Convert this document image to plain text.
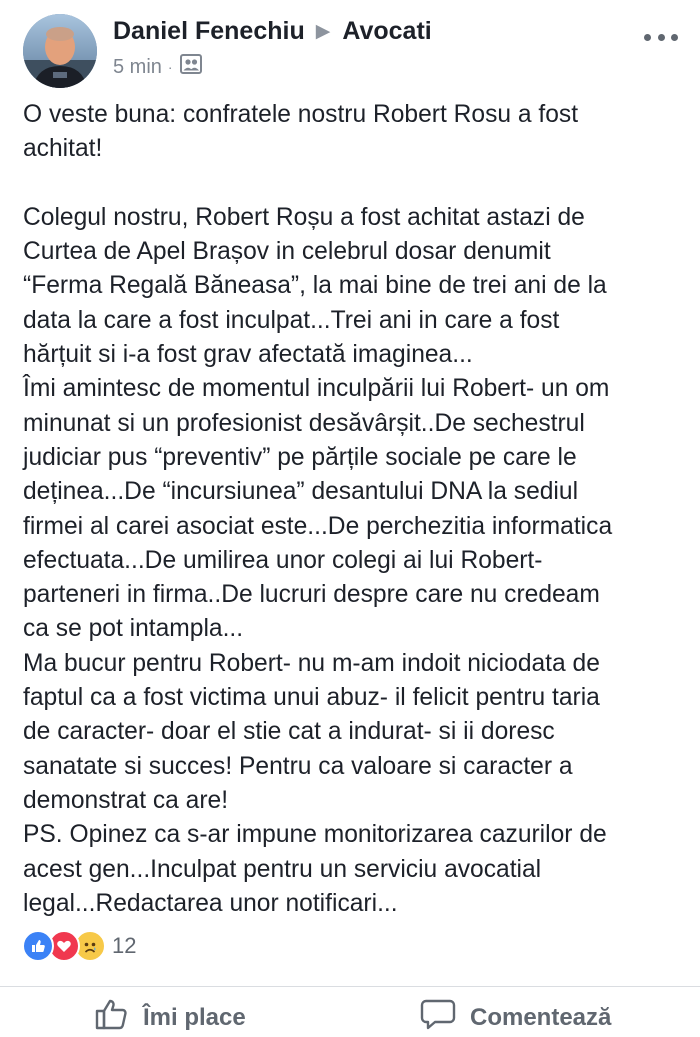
Daniel Fenechiu ▶ Avocati
5 min ·

O veste buna: confratele nostru Robert Rosu a fost

achitat!

Colegul nostru, Robert Roșu a fost achitat astazi de

Curtea de Apel Brașov in celebrul dosar denumit

“Ferma Regală Băneasa”, la mai bine de trei ani de la

data la care a fost inculpat...Trei ani in care a fost

hărțuit si i-a fost grav afectată imaginea...

Îmi amintesc de momentul inculpării lui Robert- un om

minunat si un profesionist desăvârșit..De sechestrul

judiciar pus “preventiv” pe părțile sociale pe care le

deținea...De “incursiunea” desantului DNA la sediul

firmei al carei asociat este...De perchezitia informatica

efectuata...De umilirea unor colegi ai lui Robert-

parteneri in firma..De lucruri despre care nu credeam

ca se pot intampla...

Ma bucur pentru Robert- nu m-am indoit niciodata de

faptul ca a fost victima unui abuz- il felicit pentru taria

de caracter- doar el stie cat a indurat- si ii doresc

sanatate si succes! Pentru ca valoare si caracter a

demonstrat ca are!

PS. Opinez ca s-ar impune monitorizarea cazurilor de

acest gen...Inculpat pentru un serviciu avocatial

legal...Redactarea unor notificari...

12
Îmi place	Comentează
